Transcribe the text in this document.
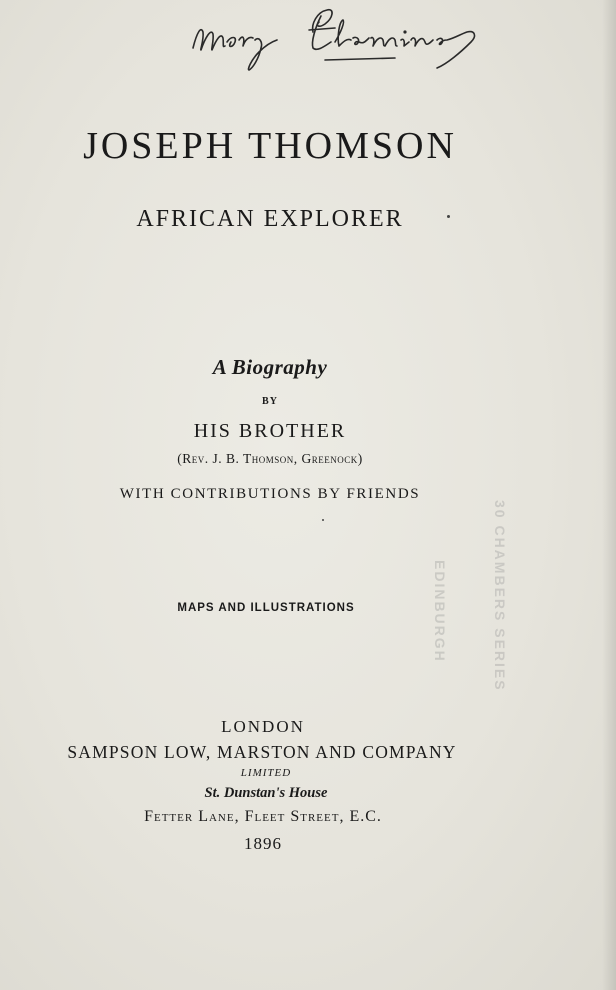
JOSEPH THOMSON
AFRICAN EXPLORER
A Biography
BY
HIS BROTHER
(Rev. J. B. Thomson, Greenock)
WITH CONTRIBUTIONS BY FRIENDS
MAPS AND ILLUSTRATIONS
LONDON
SAMPSON LOW, MARSTON AND COMPANY
LIMITED
St. Dunstan's House
Fetter Lane, Fleet Street, E.C.
1896
EDINBURGH	30 CHAMBERS SERIES
